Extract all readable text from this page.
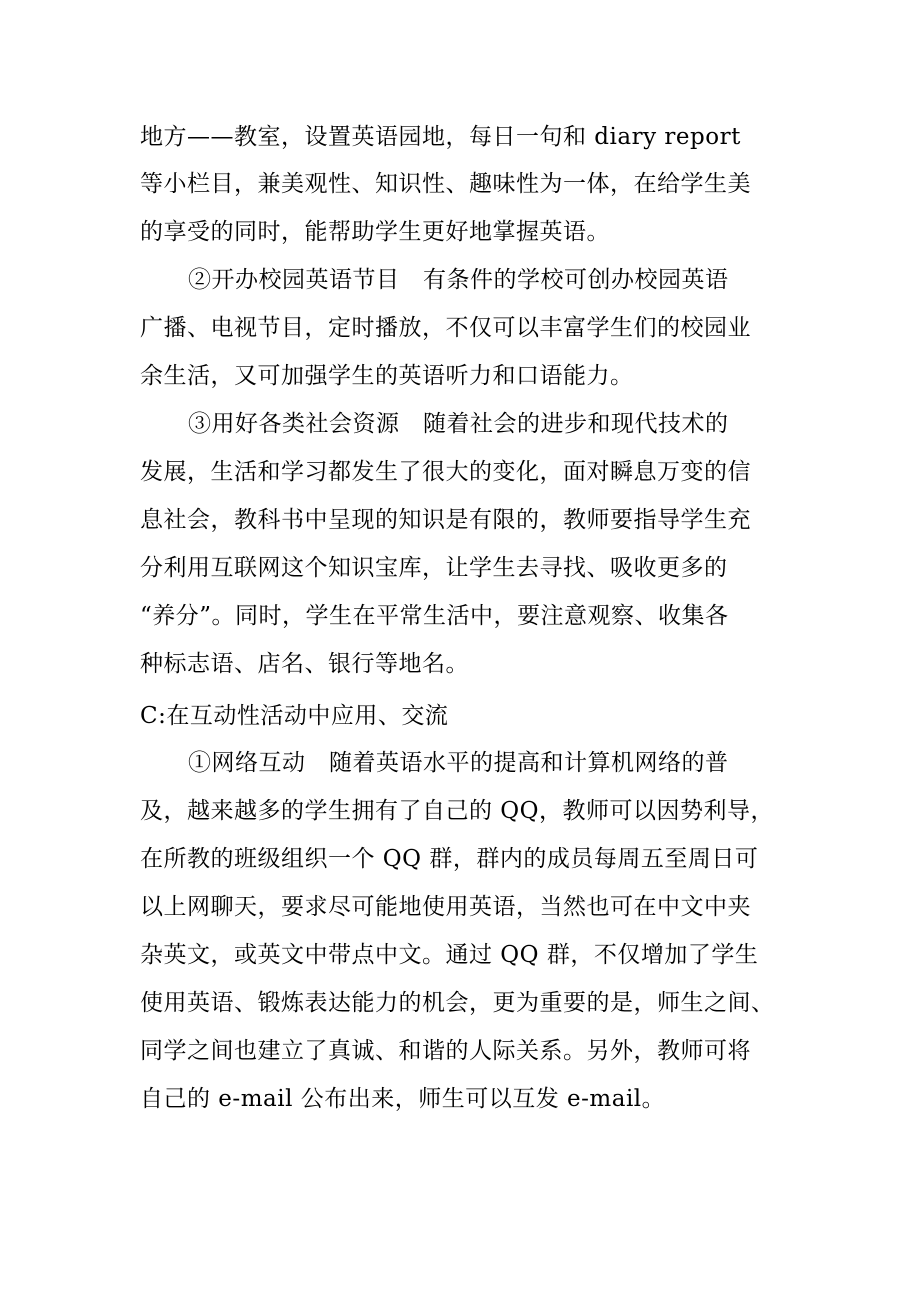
地方——教室，设置英语园地，每日一句和 diary report

等小栏目，兼美观性、知识性、趣味性为一体，在给学生美

的享受的同时，能帮助学生更好地掌握英语。

②开办校园英语节目　有条件的学校可创办校园英语

广播、电视节目，定时播放，不仅可以丰富学生们的校园业

余生活，又可加强学生的英语听力和口语能力。

③用好各类社会资源　随着社会的进步和现代技术的

发展，生活和学习都发生了很大的变化，面对瞬息万变的信

息社会，教科书中呈现的知识是有限的，教师要指导学生充

分利用互联网这个知识宝库，让学生去寻找、吸收更多的

“养分”。同时，学生在平常生活中，要注意观察、收集各

种标志语、店名、银行等地名。

C:在互动性活动中应用、交流

①网络互动　随着英语水平的提高和计算机网络的普

及，越来越多的学生拥有了自己的 QQ，教师可以因势利导，

在所教的班级组织一个 QQ 群，群内的成员每周五至周日可

以上网聊天，要求尽可能地使用英语，当然也可在中文中夹

杂英文，或英文中带点中文。通过 QQ 群，不仅增加了学生

使用英语、锻炼表达能力的机会，更为重要的是，师生之间、

同学之间也建立了真诚、和谐的人际关系。另外，教师可将

自己的 e-mail 公布出来，师生可以互发 e-mail。
